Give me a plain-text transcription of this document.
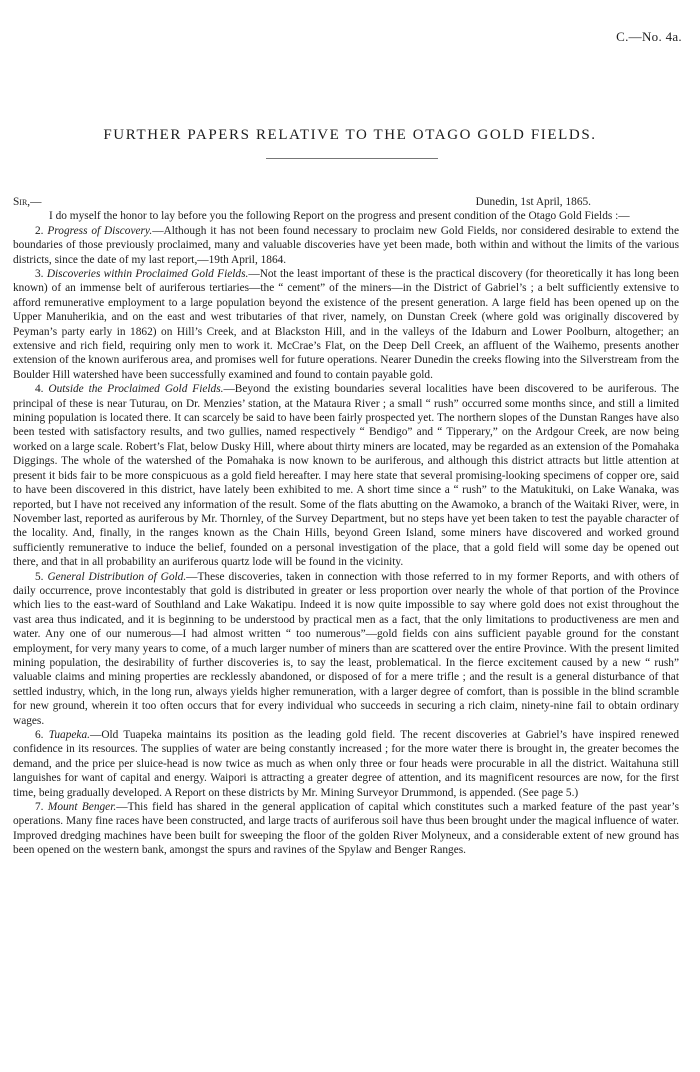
C.—No. 4a.
FURTHER PAPERS RELATIVE TO THE OTAGO GOLD FIELDS.
Sir,—	Dunedin, 1st April, 1865.

I do myself the honor to lay before you the following Report on the progress and present condition of the Otago Gold Fields :—

2. Progress of Discovery.—Although it has not been found necessary to proclaim new Gold Fields, nor considered desirable to extend the boundaries of those previously proclaimed, many and valuable discoveries have yet been made, both within and without the limits of the various districts, since the date of my last report,—19th April, 1864.

3. Discoveries within Proclaimed Gold Fields.—Not the least important of these is the practical discovery (for theoretically it has long been known) of an immense belt of auriferous tertiaries—the “ cement” of the miners—in the District of Gabriel’s ; a belt sufficiently extensive to afford remunerative employment to a large population beyond the existence of the present generation. A large field has been opened up on the Upper Manuherikia, and on the east and west tributaries of that river, namely, on Dunstan Creek (where gold was originally discovered by Peyman’s party early in 1862) on Hill’s Creek, and at Blackston Hill, and in the valleys of the Idaburn and Lower Poolburn, altogether; an extensive and rich field, requiring only men to work it. McCrae’s Flat, on the Deep Dell Creek, an affluent of the Waihemo, presents another extension of the known auriferous area, and promises well for future operations. Nearer Dunedin the creeks flowing into the Silverstream from the Boulder Hill watershed have been successfully examined and found to contain payable gold.

4. Outside the Proclaimed Gold Fields.—Beyond the existing boundaries several localities have been discovered to be auriferous. The principal of these is near Tuturau, on Dr. Menzies’ station, at the Mataura River ; a small “ rush” occurred some months since, and still a limited mining population is located there. It can scarcely be said to have been fairly prospected yet. The northern slopes of the Dunstan Ranges have also been tested with satisfactory results, and two gullies, named respectively “ Bendigo” and “ Tipperary,” on the Ardgour Creek, are now being worked on a large scale. Robert’s Flat, below Dusky Hill, where about thirty miners are located, may be regarded as an extension of the Pomahaka Diggings. The whole of the watershed of the Pomahaka is now known to be auriferous, and although this district attracts but little attention at present it bids fair to be more conspicuous as a gold field hereafter. I may here state that several promising-looking specimens of copper ore, said to have been discovered in this district, have lately been exhibited to me. A short time since a “ rush” to the Matukituki, on Lake Wanaka, was reported, but I have not received any information of the result. Some of the flats abutting on the Awamoko, a branch of the Waitaki River, were, in November last, reported as auriferous by Mr. Thornley, of the Survey Department, but no steps have yet been taken to test the payable character of the locality. And, finally, in the ranges known as the Chain Hills, beyond Green Island, some miners have discovered and worked ground sufficiently remunerative to induce the belief, founded on a personal investigation of the place, that a gold field will some day be opened out there, and that in all probability an auriferous quartz lode will be found in the vicinity.

5. General Distribution of Gold.—These discoveries, taken in connection with those referred to in my former Reports, and with others of daily occurrence, prove incontestably that gold is distributed in greater or less proportion over nearly the whole of that portion of the Province which lies to the east-ward of Southland and Lake Wakatipu. Indeed it is now quite impossible to say where gold does not exist throughout the vast area thus indicated, and it is beginning to be understood by practical men as a fact, that the only limitations to productiveness are men and water. Any one of our numerous—I had almost written “ too numerous”—gold fields con ains sufficient payable ground for the constant employment, for very many years to come, of a much larger number of miners than are scattered over the entire Province. With the present limited mining population, the desirability of further discoveries is, to say the least, problematical. In the fierce excitement caused by a new “ rush” valuable claims and mining properties are recklessly abandoned, or disposed of for a mere trifle ; and the result is a general disturbance of that settled industry, which, in the long run, always yields higher remuneration, with a larger degree of comfort, than is possible in the blind scramble for new ground, wherein it too often occurs that for every individual who succeeds in securing a rich claim, ninety-nine fail to obtain ordinary wages.

6. Tuapeka.—Old Tuapeka maintains its position as the leading gold field. The recent discoveries at Gabriel’s have inspired renewed confidence in its resources. The supplies of water are being constantly increased ; for the more water there is brought in, the greater becomes the demand, and the price per sluice-head is now twice as much as when only three or four heads were procurable in all the district. Waitahuna still languishes for want of capital and energy. Waipori is attracting a greater degree of attention, and its magnificent resources are now, for the first time, being gradually developed. A Report on these districts by Mr. Mining Surveyor Drummond, is appended. (See page 5.)

7. Mount Benger.—This field has shared in the general application of capital which constitutes such a marked feature of the past year’s operations. Many fine races have been constructed, and large tracts of auriferous soil have thus been brought under the magical influence of water. Improved dredging machines have been built for sweeping the floor of the golden River Molyneux, and a considerable extent of new ground has been opened on the western bank, amongst the spurs and ravines of the Spylaw and Benger Ranges.
